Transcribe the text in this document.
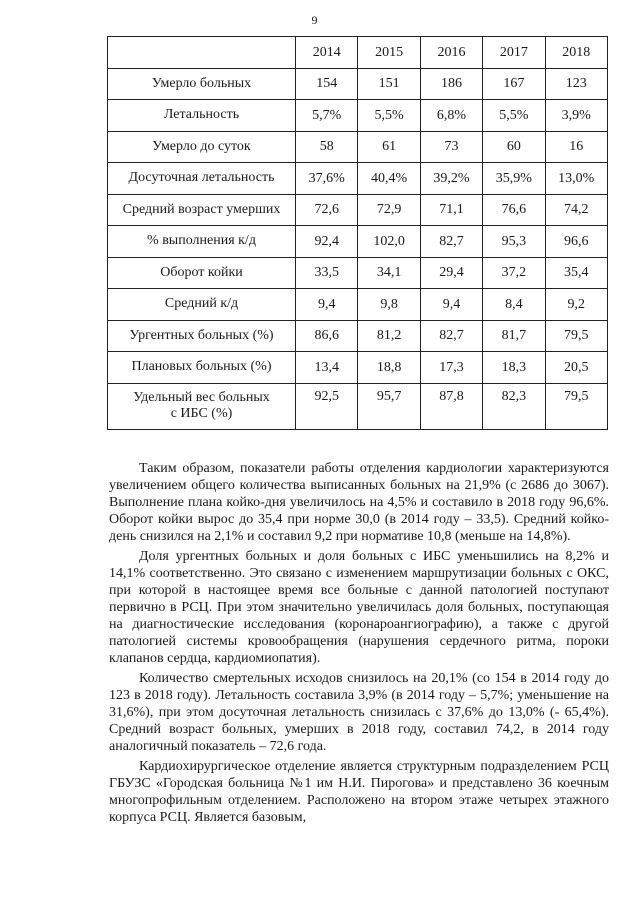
9
	2014	2015	2016	2017	2018

Умерло больных	154	151	186	167	123

Летальность	5,7%	5,5%	6,8%	5,5%	3,9%

Умерло до суток	58	61	73	60	16

Досуточная летальность	37,6%	40,4%	39,2%	35,9%	13,0%

Средний возраст умерших	72,6	72,9	71,1	76,6	74,2

% выполнения к/д	92,4	102,0	82,7	95,3	96,6

Оборот койки	33,5	34,1	29,4	37,2	35,4

Средний к/д	9,4	9,8	9,4	8,4	9,2

Ургентных больных (%)	86,6	81,2	82,7	81,7	79,5

Плановых больных (%)	13,4	18,8	17,3	18,3	20,5

Удельный вес больных
с ИБС (%)	92,5	95,7	87,8	82,3	79,5

Таким образом, показатели работы отделения кардиологии характеризуются увеличением общего количества выписанных больных на 21,9% (с 2686 до 3067). Выполнение плана койко-дня увеличилось на 4,5% и составило в 2018 году 96,6%. Оборот койки вырос до 35,4 при норме 30,0 (в 2014 году – 33,5). Средний койко-день снизился на 2,1% и составил 9,2 при нормативе 10,8 (меньше на 14,8%).

Доля ургентных больных и доля больных с ИБС уменьшились на 8,2% и 14,1% соответственно. Это связано с изменением маршрутизации больных с ОКС, при которой в настоящее время все больные с данной патологией поступают первично в РСЦ. При этом значительно увеличилась доля больных, поступающая на диагностические исследования (коронароангиографию), а также с другой патологией системы кровообращения (нарушения сердечного ритма, пороки клапанов сердца, кардиомиопатия).

Количество смертельных исходов снизилось на 20,1% (со 154 в 2014 году до 123 в 2018 году). Летальность составила 3,9% (в 2014 году – 5,7%; уменьшение на 31,6%), при этом досуточная летальность снизилась с 37,6% до 13,0% (- 65,4%). Средний возраст больных, умерших в 2018 году, составил 74,2, в 2014 году аналогичный показатель – 72,6 года.

Кардиохирургическое отделение является структурным подразделением РСЦ ГБУЗС «Городская больница №1 им Н.И. Пирогова» и представлено 36 коечным многопрофильным отделением. Расположено на втором этаже четырех этажного корпуса РСЦ. Является базовым,
